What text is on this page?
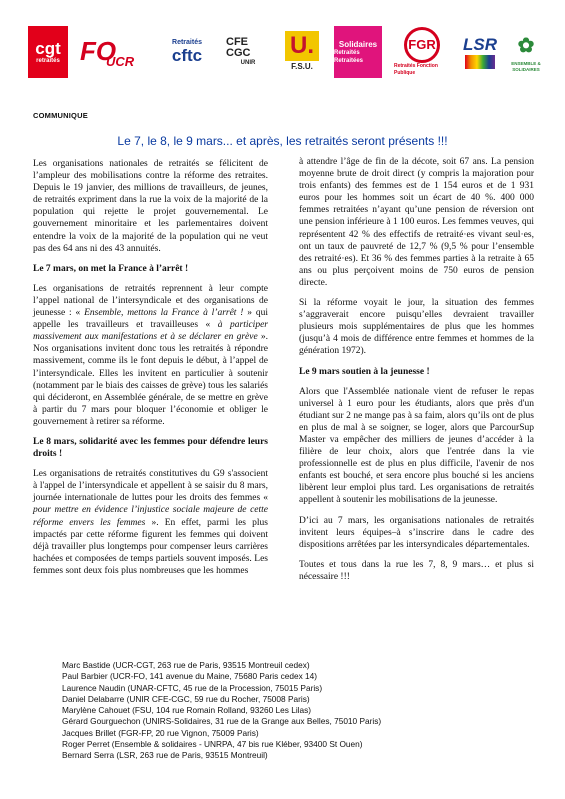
cgt
retraités FO
UCR
Retraités
cftc
CFE CGC
UNIR
U.
F.S.U.
Solidaires
Retraités Retraitées
FGR
Retraités Fonction Publique
LSR ✿
ENSEMBLE & SOLIDAIRES
COMMUNIQUE
Le 7, le 8, le 9 mars... et après, les retraités seront présents !!!

Les organisations nationales de retraités se félicitent de l’ampleur des mobilisations contre la réforme des retraites. Depuis le 19 janvier, des millions de travailleurs, de jeunes, de retraités expriment dans la rue la voix de la majorité de la population qui rejette le projet gouvernemental. Le gouvernement minoritaire et les parlementaires doivent entendre la voix de la majorité de la population qui ne veut pas des 64 ans ni des 43 annuités.

Le 7 mars, on met la France à l’arrêt !

Les organisations de retraités reprennent à leur compte l’appel national de l’intersyndicale et des organisations de jeunesse : « Ensemble, mettons la France à l’arrêt ! » qui appelle les travailleurs et travailleuses « à participer massivement aux manifestations et à se déclarer en grève ». Nos organisations invitent donc tous les retraités à répondre massivement, comme ils le font depuis le début, à l’appel de l’intersyndicale. Elles les invitent en particulier à soutenir (notamment par le biais des caisses de grève) tous les salariés qui décideront, en Assemblée générale, de se mettre en grève à partir du 7 mars pour bloquer l’économie et obliger le gouvernement à retirer sa réforme.

Le 8 mars, solidarité avec les femmes pour défendre leurs droits !

Les organisations de retraités constitutives du G9 s'associent à l'appel de l’intersyndicale et appellent à se saisir du 8 mars, journée internationale de luttes pour les droits des femmes « pour mettre en évidence l’injustice sociale majeure de cette réforme envers les femmes ». En effet, parmi les plus impactés par cette réforme figurent les femmes qui doivent déjà travailler plus longtemps pour compenser leurs carrières hachées et composées de temps partiels souvent imposés. Les femmes sont deux fois plus nombreuses que les hommes

à attendre l’âge de fin de la décote, soit 67 ans. La pension moyenne brute de droit direct (y compris la majoration pour trois enfants) des femmes est de 1 154 euros et de 1 931 euros pour les hommes soit un écart de 40 %. 400 000 femmes retraitées n’ayant qu’une pension de réversion ont une pension inférieure à 1 100 euros. Les femmes veuves, qui représentent 42 % des effectifs de retraité·es vivant seul·es, ont un taux de pauvreté de 12,7 % (9,5 % pour l’ensemble des retraité·es). Et 36 % des femmes parties à la retraite à 65 ans ou plus perçoivent moins de 750 euros de pension directe.

Si la réforme voyait le jour, la situation des femmes s’aggraverait encore puisqu’elles devraient travailler plusieurs mois supplémentaires de plus que les hommes (jusqu’à 4 mois de différence entre femmes et hommes de la génération 1972).

Le 9 mars soutien à la jeunesse !

Alors que l'Assemblée nationale vient de refuser le repas universel à 1 euro pour les étudiants, alors que près d'un étudiant sur 2 ne mange pas à sa faim, alors qu’ils ont de plus en plus de mal à se soigner, se loger, alors que ParcourSup Master va empêcher des milliers de jeunes d’accéder à la filière de leur choix, alors que l'entrée dans la vie professionnelle est de plus en plus difficile, l'avenir de nos enfants est bouché, et sera encore plus bouché si les anciens libèrent leur emploi plus tard. Les organisations de retraités appellent à soutenir les mobilisations de la jeunesse.

D’ici au 7 mars, les organisations nationales de retraités invitent leurs équipes–à s’inscrire dans le cadre des dispositions arrêtées par les intersyndicales départementales.

Toutes et tous dans la rue les 7, 8, 9 mars… et plus si nécessaire !!!

Marc Bastide (UCR-CGT, 263 rue de Paris, 93515 Montreuil cedex)
Paul Barbier (UCR-FO, 141 avenue du Maine, 75680 Paris cedex 14)
Laurence Naudin (UNAR-CFTC, 45 rue de la Procession, 75015 Paris)
Daniel Delabarre (UNIR CFE-CGC, 59 rue du Rocher, 75008 Paris)
Marylène Cahouet (FSU, 104 rue Romain Rolland, 93260 Les Lilas)
Gérard Gourguechon (UNIRS-Solidaires, 31 rue de la Grange aux Belles, 75010 Paris)
Jacques Brillet (FGR-FP, 20 rue Vignon, 75009 Paris)
Roger Perret (Ensemble & solidaires - UNRPA, 47 bis rue Kléber, 93400 St Ouen)
Bernard Serra (LSR, 263 rue de Paris, 93515 Montreuil)
